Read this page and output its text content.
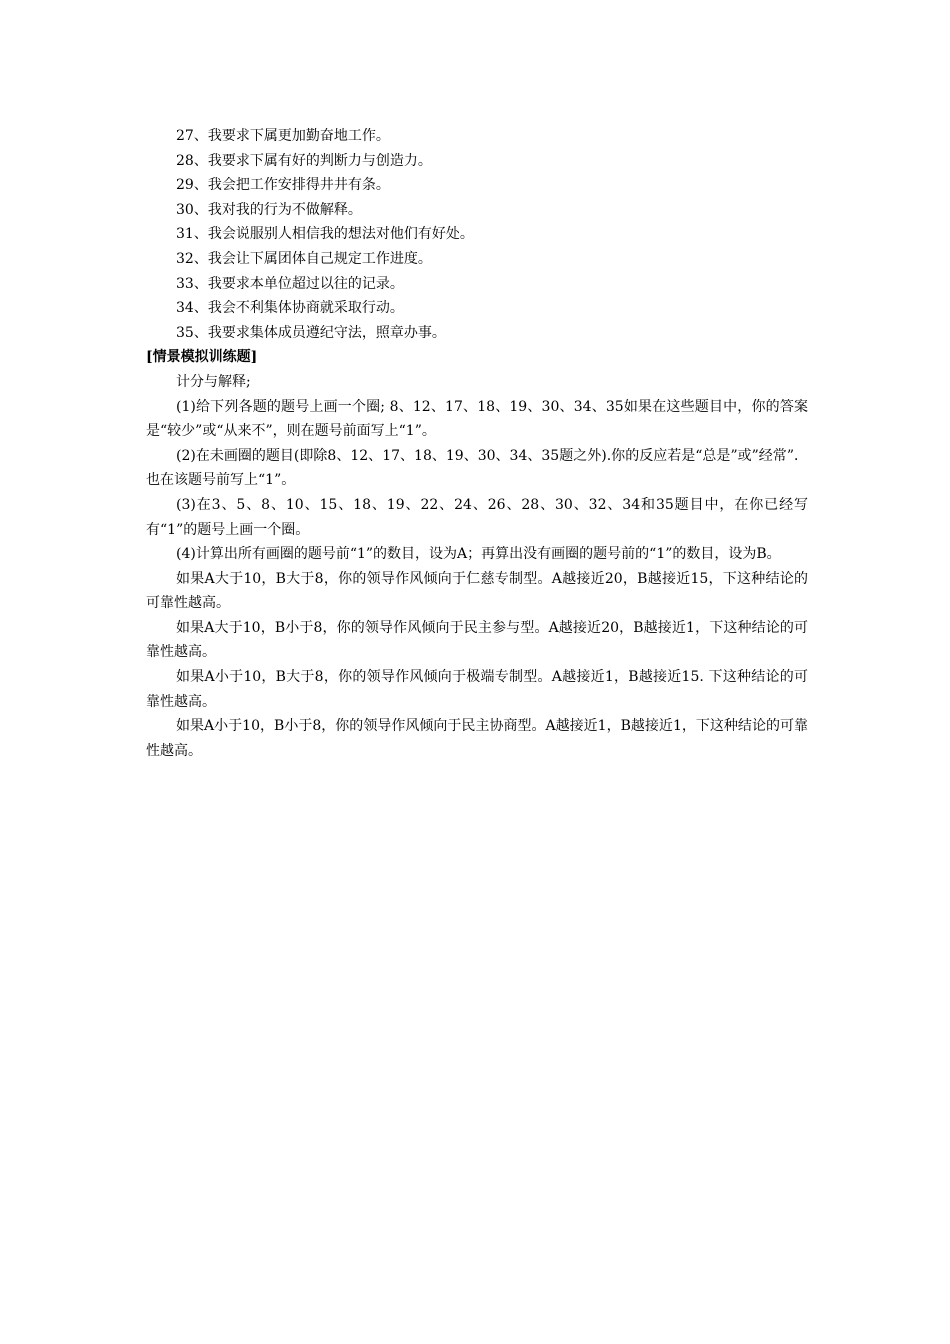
27、我要求下属更加勤奋地工作。
28、我要求下属有好的判断力与创造力。
29、我会把工作安排得井井有条。
30、我对我的行为不做解释。
31、我会说服别人相信我的想法对他们有好处。
32、我会让下属团体自己规定工作进度。
33、我要求本单位超过以往的记录。
34、我会不利集体协商就采取行动。
35、我要求集体成员遵纪守法，照章办事。
[情景模拟训练题]
计分与解释;
(1)给下列各题的题号上画一个圈; 8、12、17、18、19、30、34、35如果在这些题目中，你的答案是“较少”或“从来不”，则在题号前面写上“1”。
(2)在未画圈的题目(即除8、12、17、18、19、30、34、35题之外).你的反应若是“总是”或”经常”．也在该题号前写上“1”。
(3)在3、5、8、10、15、18、19、22、24、26、28、30、32、34和35题目中，在你已经写有“1”的题号上画一个圈。
(4)计算出所有画圈的题号前“1”的数目，设为A；再算出没有画圈的题号前的“1”的数目，设为B。
如果A大于10，B大于8，你的领导作风倾向于仁慈专制型。A越接近20，B越接近15，下这种结论的可靠性越高。
如果A大于10，B小于8，你的领导作风倾向于民主参与型。A越接近20，B越接近1，下这种结论的可靠性越高。
如果A小于10，B大于8，你的领导作风倾向于极端专制型。A越接近1，B越接近15. 下这种结论的可靠性越高。
如果A小于10，B小于8，你的领导作风倾向于民主协商型。A越接近1，B越接近1，下这种结论的可靠性越高。
